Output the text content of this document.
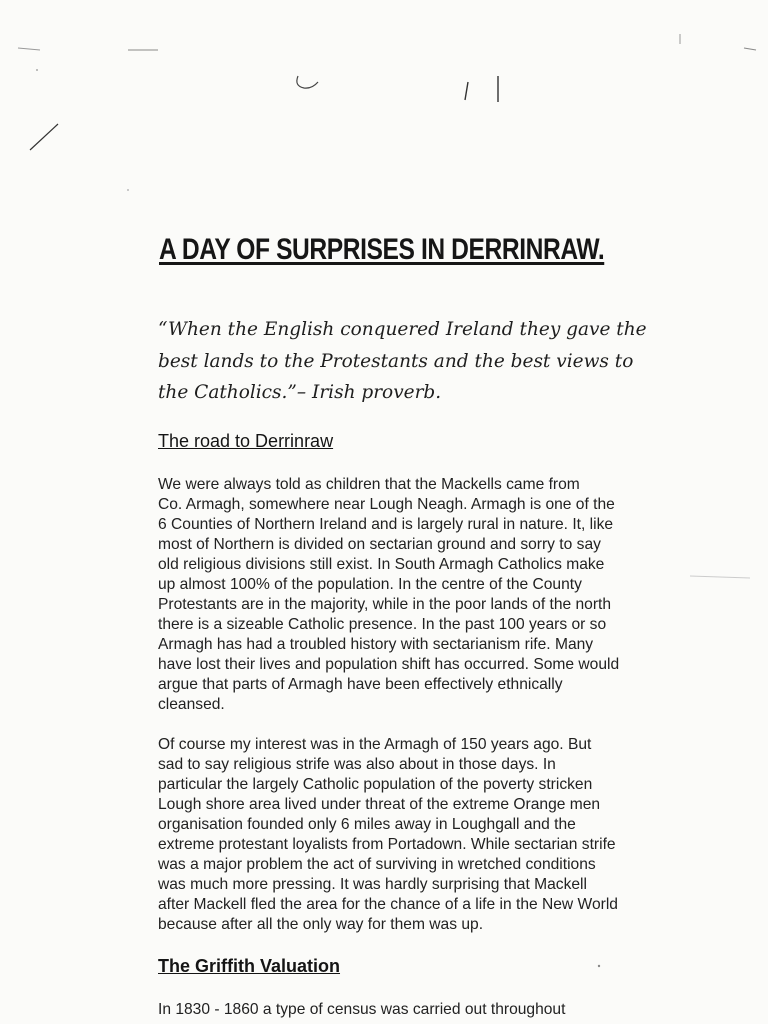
A DAY OF SURPRISES IN DERRINRAW.
“When the English conquered Ireland they gave the
best lands to the Protestants and the best views to
the Catholics.”– Irish proverb.
The road to Derrinraw
We were always told as children that the Mackells came from
Co. Armagh, somewhere near Lough Neagh. Armagh is one of the
6 Counties of Northern Ireland and is largely rural in nature. It, like
most of Northern is divided on sectarian ground and sorry to say
old religious divisions still exist. In South Armagh Catholics make
up almost 100% of the population. In the centre of the County
Protestants are in the majority, while in the poor lands of the north
there is a sizeable Catholic presence. In the past 100 years or so
Armagh has had a troubled history with sectarianism rife. Many
have lost their lives and population shift has occurred. Some would
argue that parts of Armagh have been effectively ethnically
cleansed.
Of course my interest was in the Armagh of 150 years ago. But
sad to say religious strife was also about in those days. In
particular the largely Catholic population of the poverty stricken
Lough shore area lived under threat of the extreme Orange men
organisation founded only 6 miles away in Loughgall and the
extreme protestant loyalists from Portadown. While sectarian strife
was a major problem the act of surviving in wretched conditions
was much more pressing. It was hardly surprising that Mackell
after Mackell fled the area for the chance of a life in the New World
because after all the only way for them was up.
The Griffith Valuation
In 1830 - 1860 a type of census was carried out throughout
